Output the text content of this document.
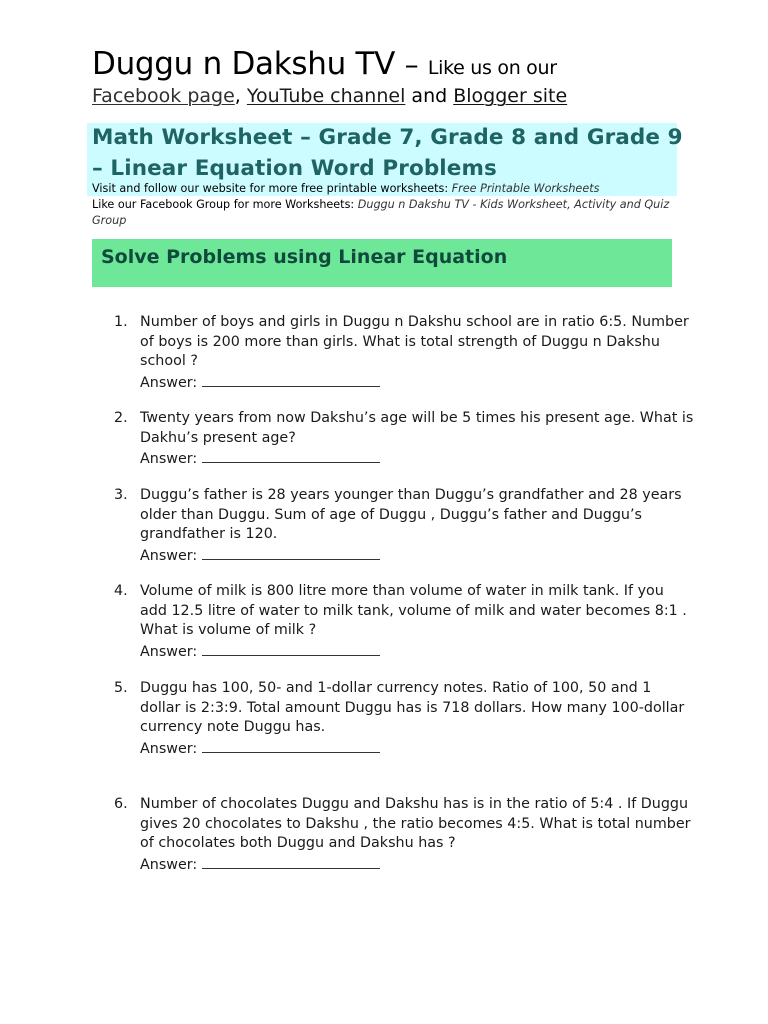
Duggu n Dakshu TV – Like us on our
Facebook page, YouTube channel and Blogger site
Math Worksheet – Grade 7, Grade 8 and Grade 9 – Linear Equation Word Problems
Visit and follow our website for more free printable worksheets: Free Printable Worksheets
Like our Facebook Group for more Worksheets: Duggu n Dakshu TV - Kids Worksheet, Activity and Quiz Group
Solve Problems using Linear Equation
1. Number of boys and girls in Duggu n Dakshu school are in ratio 6:5. Number of boys is 200 more than girls. What is total strength of Duggu n Dakshu school ?
Answer:
2. Twenty years from now Dakshu’s age will be 5 times his present age. What is Dakhu’s present age?
Answer:
3. Duggu’s father is 28 years younger than Duggu’s grandfather and 28 years older than Duggu. Sum of age of Duggu , Duggu’s father and Duggu’s grandfather is 120.
Answer:
4. Volume of milk is 800 litre more than volume of water in milk tank. If you add 12.5 litre of water to milk tank, volume of milk and water becomes 8:1 . What is volume of milk ?
Answer:
5. Duggu has 100, 50- and 1-dollar currency notes. Ratio of 100, 50 and 1 dollar is 2:3:9. Total amount Duggu has is 718 dollars. How many 100-dollar currency note Duggu has.
Answer:
6. Number of chocolates Duggu and Dakshu has is in the ratio of 5:4 . If Duggu gives 20 chocolates to Dakshu , the ratio becomes 4:5. What is total number of chocolates both Duggu and Dakshu has ?
Answer:
